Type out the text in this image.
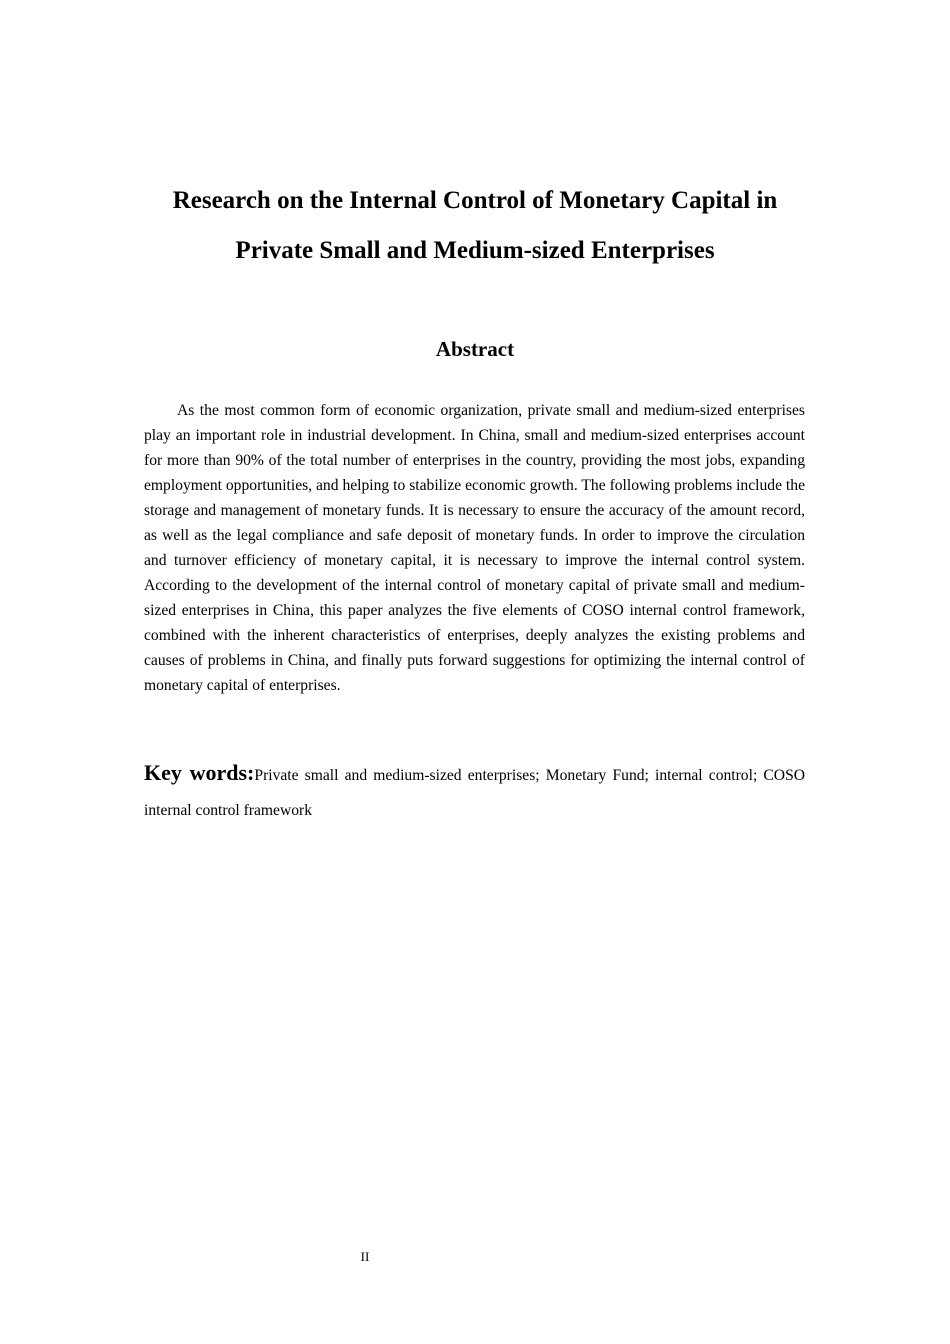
Research on the Internal Control of Monetary Capital in
Private Small and Medium-sized Enterprises
Abstract

As the most common form of economic organization, private small and medium-sized enterprises play an important role in industrial development. In China, small and medium-sized enterprises account for more than 90% of the total number of enterprises in the country, providing the most jobs, expanding employment opportunities, and helping to stabilize economic growth. The following problems include the storage and management of monetary funds. It is necessary to ensure the accuracy of the amount record, as well as the legal compliance and safe deposit of monetary funds. In order to improve the circulation and turnover efficiency of monetary capital, it is necessary to improve the internal control system. According to the development of the internal control of monetary capital of private small and medium-sized enterprises in China, this paper analyzes the five elements of COSO internal control framework, combined with the inherent characteristics of enterprises, deeply analyzes the existing problems and causes of problems in China, and finally puts forward suggestions for optimizing the internal control of monetary capital of enterprises.

Key words:Private small and medium-sized enterprises; Monetary Fund; internal control; COSO internal control framework

II
